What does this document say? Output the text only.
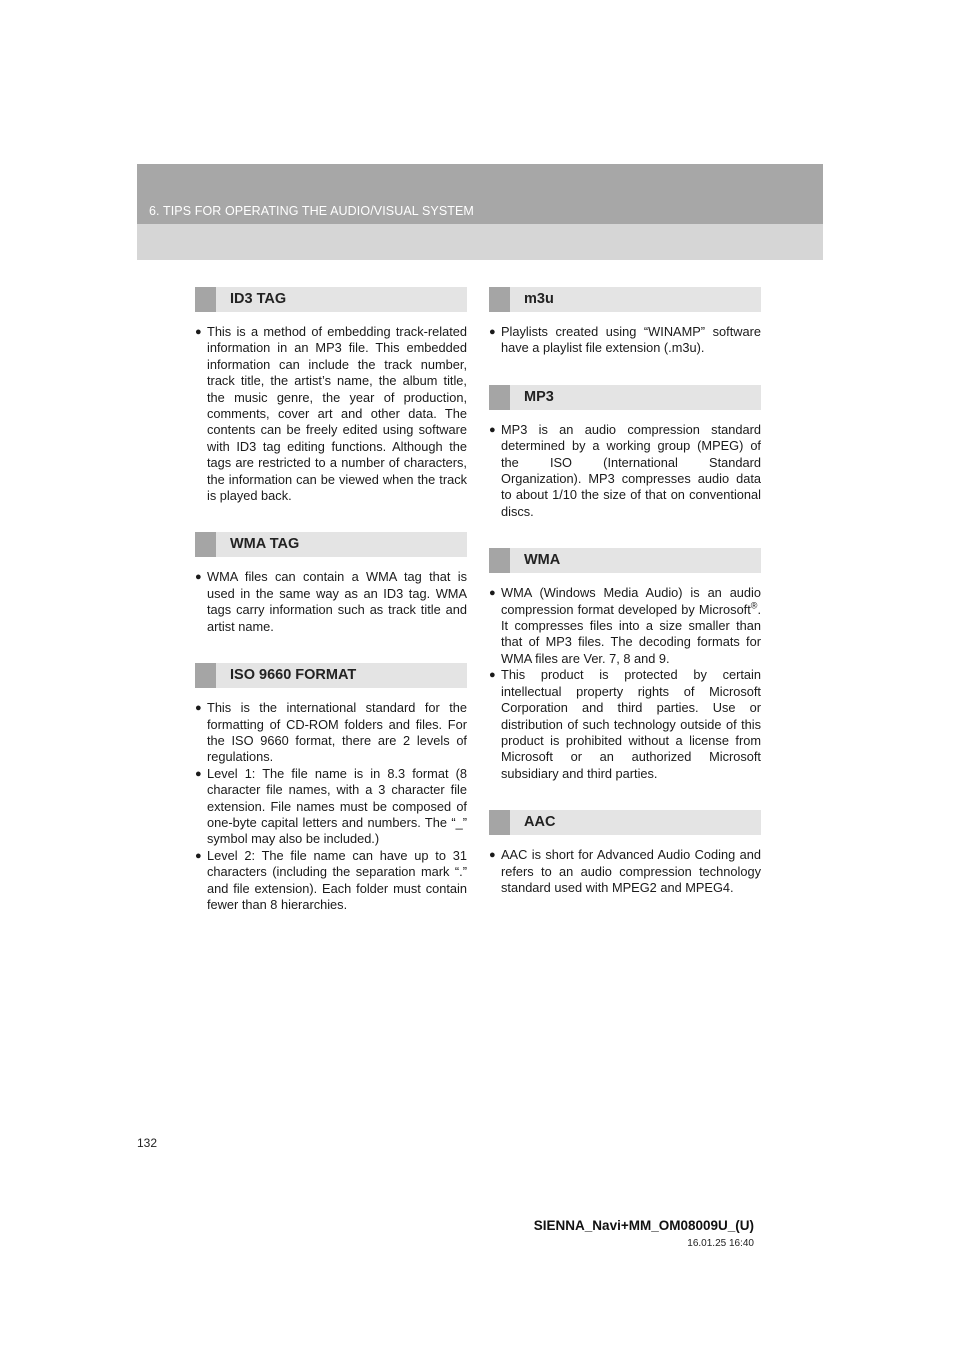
6. TIPS FOR OPERATING THE AUDIO/VISUAL SYSTEM
ID3 TAG
● This is a method of embedding track-related information in an MP3 file. This embedded information can include the track number, track title, the artist’s name, the album title, the music genre, the year of production, comments, cover art and other data. The contents can be freely edited using software with ID3 tag editing functions. Although the tags are restricted to a number of characters, the information can be viewed when the track is played back.
WMA TAG
● WMA files can contain a WMA tag that is used in the same way as an ID3 tag. WMA tags carry information such as track title and artist name.
ISO 9660 FORMAT
● This is the international standard for the formatting of CD-ROM folders and files. For the ISO 9660 format, there are 2 levels of regulations.
● Level 1: The file name is in 8.3 format (8 character file names, with a 3 character file extension. File names must be composed of one-byte capital letters and numbers. The “_” symbol may also be included.)
● Level 2: The file name can have up to 31 characters (including the separation mark “.” and file extension). Each folder must contain fewer than 8 hierarchies.
m3u
● Playlists created using “WINAMP” software have a playlist file extension (.m3u).
MP3
● MP3 is an audio compression standard determined by a working group (MPEG) of the ISO (International Standard Organization). MP3 compresses audio data to about 1/10 the size of that on conventional discs.
WMA
● WMA (Windows Media Audio) is an audio compression format developed by Microsoft®. It compresses files into a size smaller than that of MP3 files. The decoding formats for WMA files are Ver. 7, 8 and 9.
● This product is protected by certain intellectual property rights of Microsoft Corporation and third parties. Use or distribution of such technology outside of this product is prohibited without a license from Microsoft or an authorized Microsoft subsidiary and third parties.
AAC
● AAC is short for Advanced Audio Coding and refers to an audio compression technology standard used with MPEG2 and MPEG4.
132
SIENNA_Navi+MM_OM08009U_(U)
16.01.25 16:40
